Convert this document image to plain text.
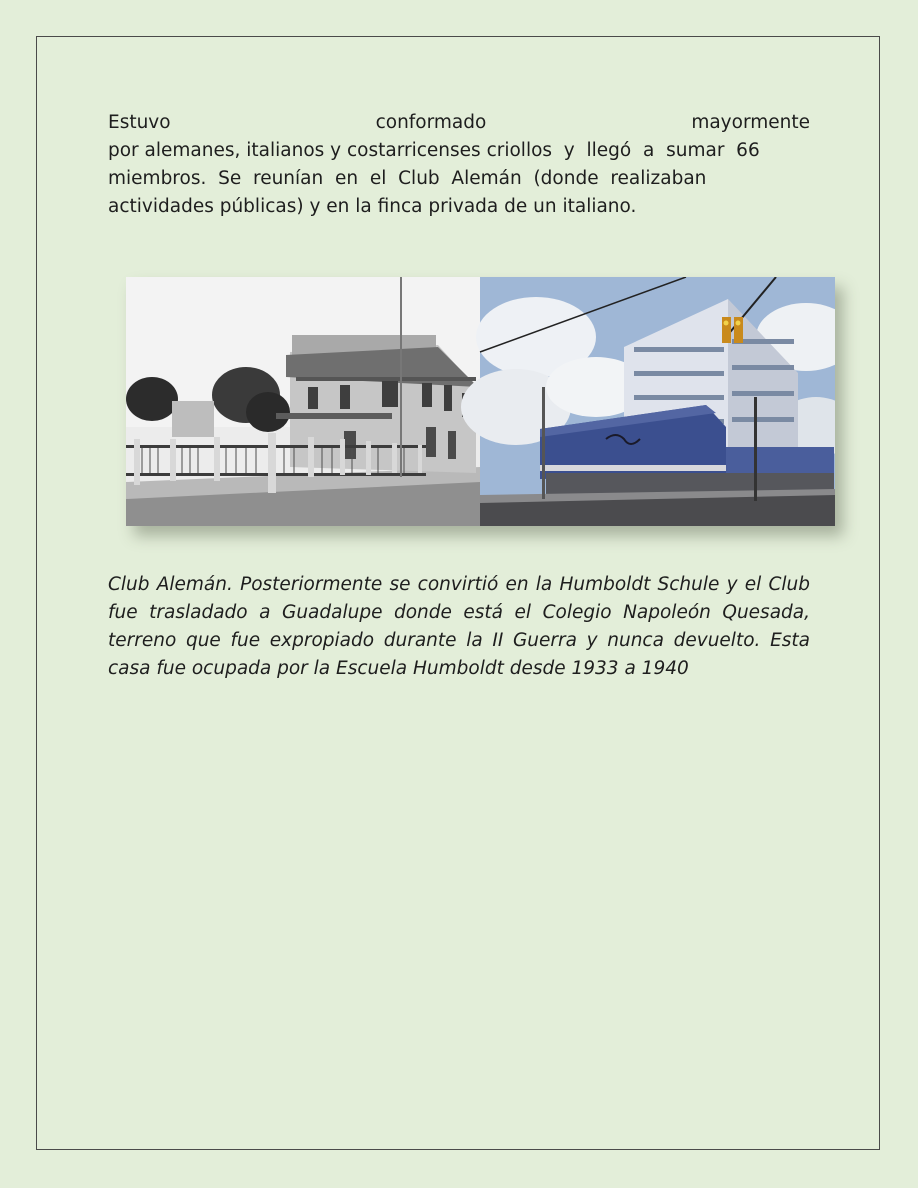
Estuvo	conformado	mayormente
por alemanes, italianos y costarricenses criollos  y  llegó  a  sumar  66
miembros.  Se  reunían  en  el  Club  Alemán  (donde  realizaban
actividades públicas) y en la finca privada de un italiano.
Club Alemán. Posteriormente se convirtió en la Humboldt Schule y el Club fue trasladado a Guadalupe donde está el Colegio Napoleón Quesada, terreno que fue expropiado durante la II Guerra y nunca devuelto. Esta casa fue ocupada por la Escuela Humboldt desde 1933 a 1940
